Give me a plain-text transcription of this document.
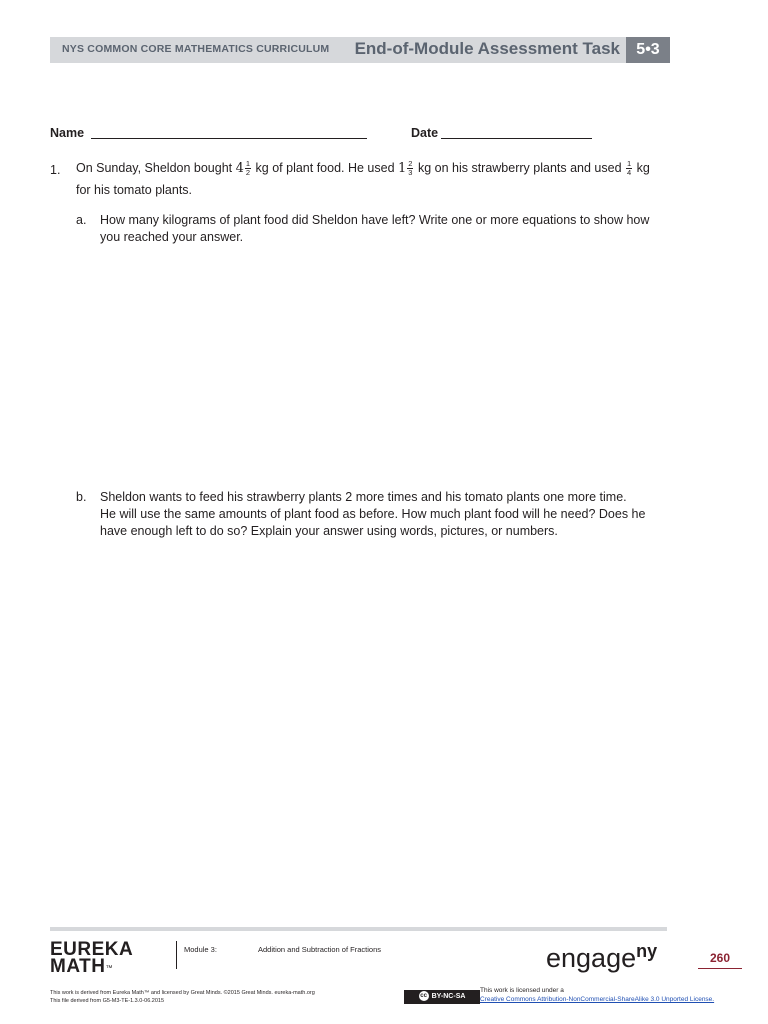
NYS COMMON CORE MATHEMATICS CURRICULUM End-of-Module Assessment Task	5•3
Name	Date
1. On Sunday, Sheldon bought $4 \frac{1}{2}$ kg of plant food. He used $1 \frac{2}{3}$ kg on his strawberry plants and used $\frac{1}{4}$ kg
for his tomato plants.
a. How many kilograms of plant food did Sheldon have left? Write one or more equations to show how
you reached your answer.
b. Sheldon wants to feed his strawberry plants 2 more times and his tomato plants one more time.
He will use the same amounts of plant food as before. How much plant food will he need? Does he
have enough left to do so? Explain your answer using words, pictures, or numbers.
EUREKA
MATH™
Module 3:	Addition and Subtraction of Fractions	engage$^{ny}$	260
This work is derived from Eureka Math™ and licensed by Great Minds. ©2015 Great Minds. eureka-math.org
This file derived from G5-M3-TE-1.3.0-06.2015
cc BY-NC-SA
This work is licensed under a
Creative Commons Attribution-NonCommercial-ShareAlike 3.0 Unported License.
